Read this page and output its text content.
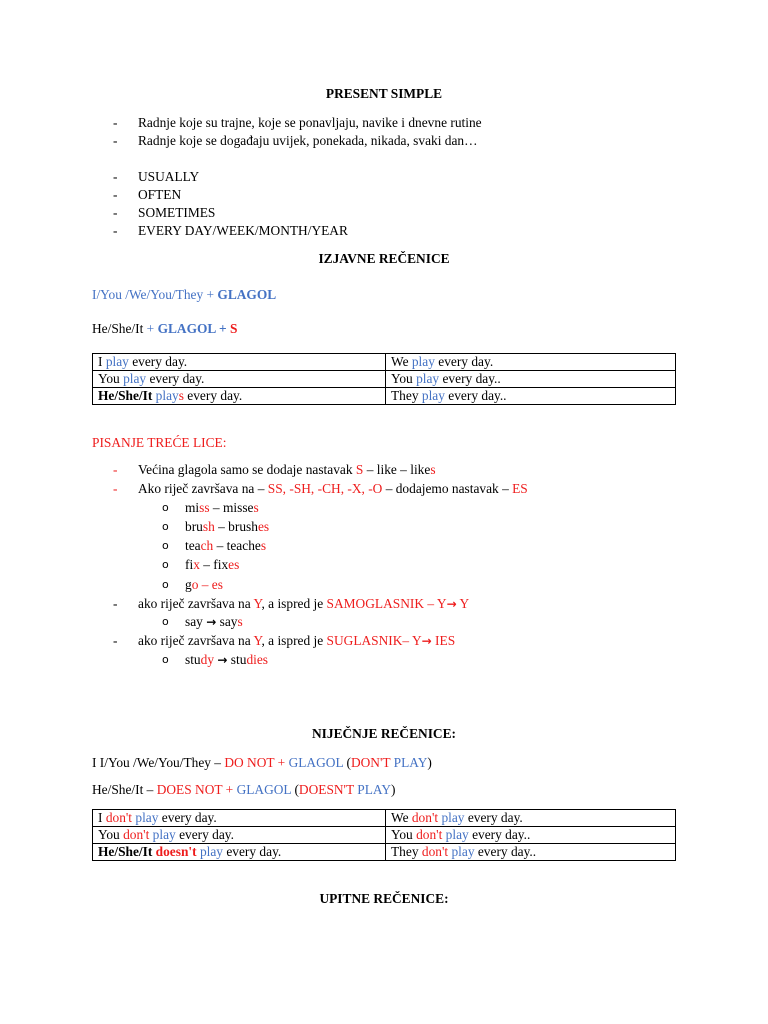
PRESENT SIMPLE
- Radnje koje su trajne, koje se ponavljaju, navike i dnevne rutine
- Radnje koje se događaju uvijek, ponekada, nikada, svaki dan…
- USUALLY
- OFTEN
- SOMETIMES
- EVERY DAY/WEEK/MONTH/YEAR
IZJAVNE REČENICE
I/You /We/You/They + GLAGOL
He/She/It + GLAGOL + S
I play every day.	We play every day.
You play every day.	You play every day..
He/She/It plays every day.	They play every day..
PISANJE TREĆE LICE:
- Većina glagola samo se dodaje nastavak S – like – likes
- Ako riječ završava na – SS, -SH, -CH, -X, -O – dodajemo nastavak – ES
o miss – misses
o brush – brushes
o teach – teaches
o fix – fixes
o go – es
- ako riječ završava na Y, a ispred je SAMOGLASNIK – Y→ Y
o say → says
- ako riječ završava na Y, a ispred je SUGLASNIK– Y→ IES
o study → studies
NIJEČNJE REČENICE:
I I/You /We/You/They – DO NOT + GLAGOL (DON'T PLAY)
He/She/It – DOES NOT + GLAGOL (DOESN'T PLAY)
I don't play every day.	We don't play every day.
You don't play every day.	You don't play every day..
He/She/It doesn't play every day.	They don't play every day..
UPITNE REČENICE:
